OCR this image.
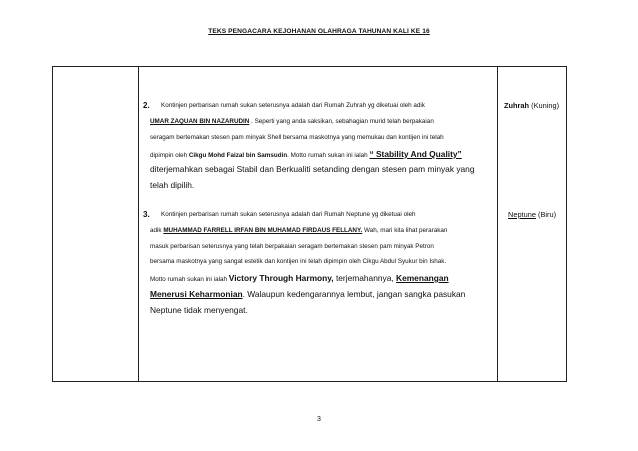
TEKS PENGACARA KEJOHANAN OLAHRAGA TAHUNAN KALI KE 16
2. Kontinjen perbarisan rumah sukan seterusnya adalah dari Rumah Zuhrah yg diketuai oleh adik
UMAR ZAQUAN BIN NAZARUDIN . Seperti yang anda saksikan, sebahagian murid telah berpakaian
seragam bertemakan stesen pam minyak Shell bersama maskotnya yang memukau dan kontijen ini telah
dipimpin oleh Cikgu Mohd Faizal bin Samsudin. Motto rumah sukan ini ialah “ Stability And Quality”
diterjemahkan sebagai Stabil dan Berkualiti setanding dengan stesen pam minyak yang
telah dipilih.
Zuhrah (Kuning)
3. Kontinjen perbarisan rumah sukan seterusnya adalah dari Rumah Neptune yg diketuai oleh
adik MUHAMMAD FARRELL IRFAN BIN MUHAMAD FIRDAUS FELLANY. Wah, mari kita lihat perarakan
masuk perbarisan seterusnya yang telah berpakaian seragam bertemakan stesen pam minyak Petron
bersama maskotnya yang sangat estetik dan kontijen ini telah dipimpin oleh Cikgu Abdul Syukur bin Ishak.
Motto rumah sukan ini ialah Victory Through Harmony, terjemahannya, Kemenangan
Menerusi Keharmonian. Walaupun kedengarannya lembut, jangan sangka pasukan
Neptune tidak menyengat.
Neptune (Biru)
3
